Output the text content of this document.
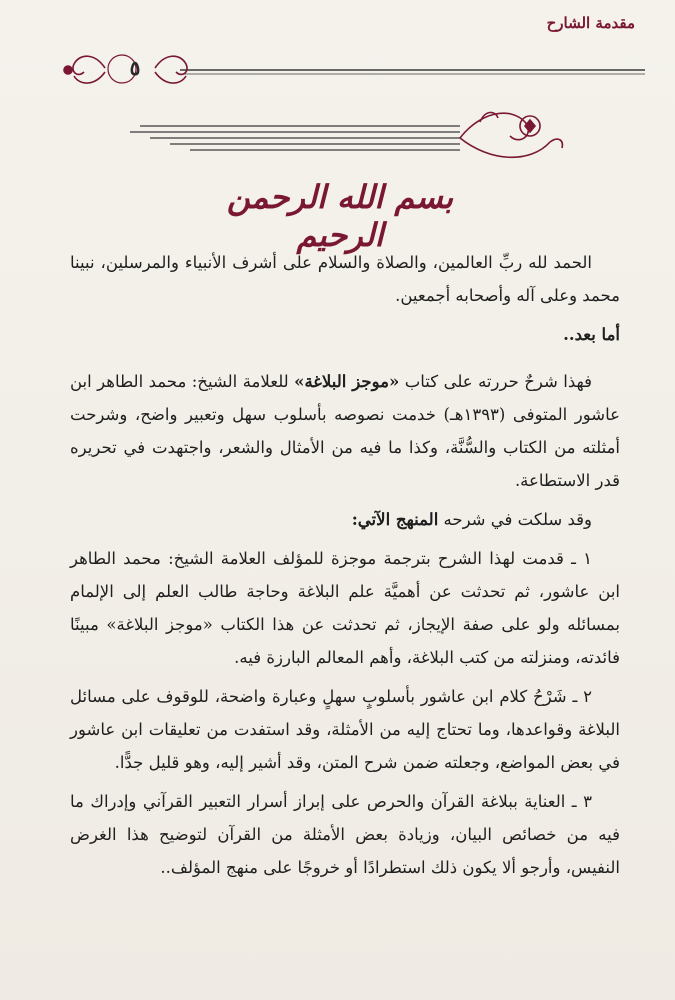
مقدمة الشارح
٥
بسم الله الرحمن الرحيم

الحمد لله ربِّ العالمين، والصلاة والسلام على أشرف الأنبياء والمرسلين، نبينا محمد وعلى آله وأصحابه أجمعين.

أما بعد..

فهذا شرحٌ حررته على كتاب «موجز البلاغة» للعلامة الشيخ: محمد الطاهر ابن عاشور المتوفى (١٣٩٣هـ) خدمت نصوصه بأسلوب سهل وتعبير واضح، وشرحت أمثلته من الكتاب والسُّنَّة، وكذا ما فيه من الأمثال والشعر، واجتهدت في تحريره قدر الاستطاعة.

وقد سلكت في شرحه المنهج الآتي:

١ ـ قدمت لهذا الشرح بترجمة موجزة للمؤلف العلامة الشيخ: محمد الطاهر ابن عاشور، ثم تحدثت عن أهميَّة علم البلاغة وحاجة طالب العلم إلى الإلمام بمسائله ولو على صفة الإيجاز، ثم تحدثت عن هذا الكتاب «موجز البلاغة» مبينًا فائدته، ومنزلته من كتب البلاغة، وأهم المعالم البارزة فيه.

٢ ـ شَرْحُ كلام ابن عاشور بأسلوبٍ سهلٍ وعبارة واضحة، للوقوف على مسائل البلاغة وقواعدها، وما تحتاج إليه من الأمثلة، وقد استفدت من تعليقات ابن عاشور في بعض المواضع، وجعلته ضمن شرح المتن، وقد أشير إليه، وهو قليل جدًّا.

٣ ـ العناية ببلاغة القرآن والحرص على إبراز أسرار التعبير القرآني وإدراك ما فيه من خصائص البيان، وزيادة بعض الأمثلة من القرآن لتوضيح هذا الغرض النفيس، وأرجو ألا يكون ذلك استطرادًا أو خروجًا على منهج المؤلف..
